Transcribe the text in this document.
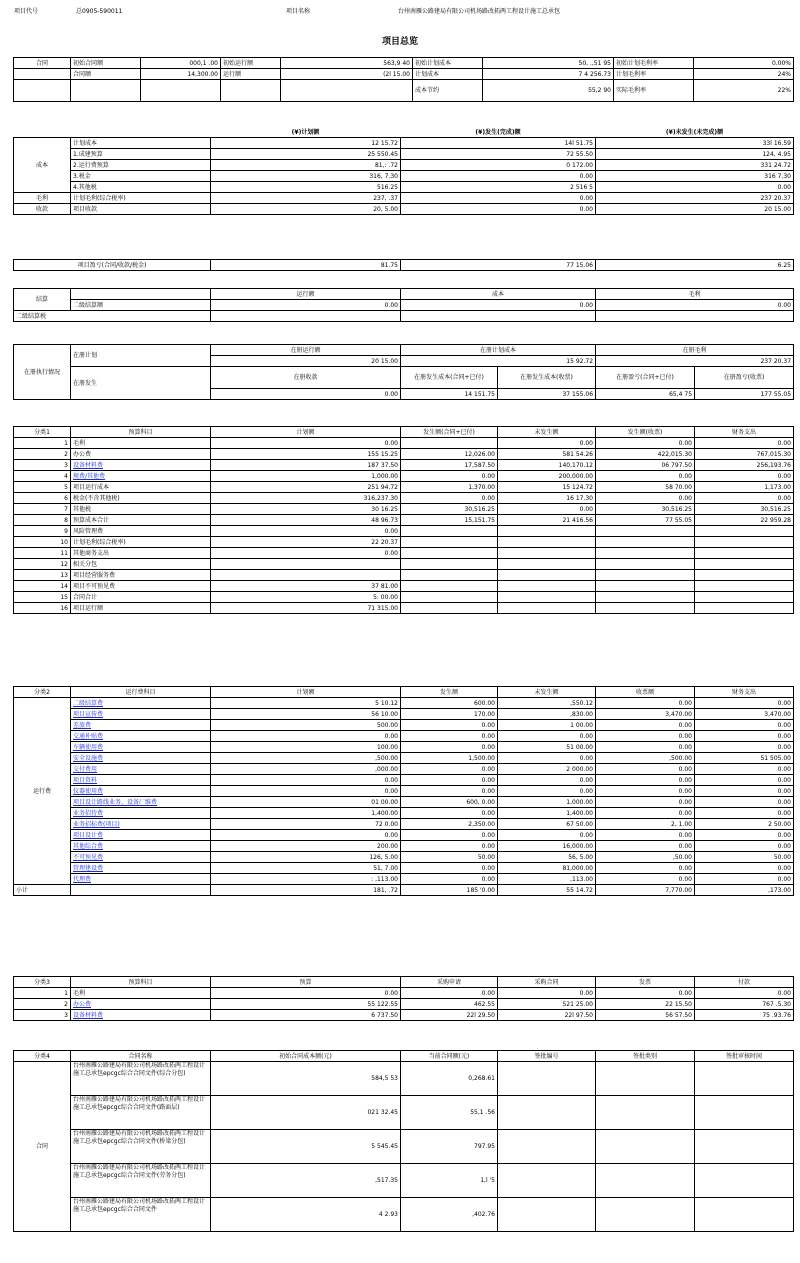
项目代号	总0905-590011	项目名称	台州南雁公路建局有限公司机场路改拓两工程设计施工总承包
项目总览
合同	初始合同额	000,1 .00	初始运行额	563,9 40	初始计划成本	50, .,51 95	初始计划毛利率	0.00%
	合同额	14,300.00	运行额	(2l 15.00	计划成本	7 4 256.73	计划毛利率	24%
					成本节约	55,2 90	实际毛利率	22%
		(¥)计划额	(¥)发生(完成)额	(¥)未发生(未完成)额
成本	计划成本	12 15.72	14l 51.75	33l 16.59
	1.成建预算	25 550.45	72 55.50	124, 4.95
	2.运行费预算	81,: .72	0 172.00	331 24.72
	3.税金	316, 7.30	0.00	316 7.30
	4.其他税	516.25	2 516 5	0.00
毛利	计划毛利(综合税率)	237, .37	0.00	237 20.37
收款	项目收款	20, 5.00	0.00	20 15.00
项目盈亏(合同/收款/税金)	81.75	77 15.06	6.25
结算		运行额	成本	毛利
	二级结算额	0.00	0.00	0.00
二级结算税				
在册执行情况	在册计划	在册运行额	在册计划成本		在册毛利	
		20 15.00	15 92.72		237 20.37	
	在册发生	在册收款	在册发生成本(合同+已付)	在册发生成本(收票)	在册盈亏(合同+已付)	在册盈亏(收票)
		0.00	14 151.75	37 155.06	65,4 75	177 55.05
分类1	预算科目	计划额	发生额(合同+已付)	未发生额	发生额(收票)	财务支出
1	毛利	0.00		0.00	0.00	0.00
2	办公费	155 15.25	12,026.00	581 54.26	422,015.30	767,015.30
3	设备材料费	187 37.50	17,587.50	140,170.12	06 797.50	256,193.76
4	规费/其他费	1,000.00	0.00	200,000.00	0.00	0.00
5	项目运行成本	251 94.72	1,370.00	15 124.72	58 70.00	1,173.00
6	税金(不含其他税)	316,237.30	0.00	16 17.30	0.00	0.00
7	其他税	30 16.25	30,516.25	0.00	30,516.25	30,516.25
8	预算成本合计	48 96.73	15,151.75	21 416.56	77 55.05	22 959.28
9	风险管理费	0.00				
10	计划毛利(综合税率)	22 20.37				
11	其他商务支出	0.00				
12	相关分包					
13	项目经营服务费					
14	项目不可预见费	37 81.00				
15	合同合计	5: 00.00				
16	项目运行额	71 315.00				
分类2	运行费科目	计划额	发生额	未发生额	收票额	财务支出
运行费	二级结算费	5 10.12	600.00	,550.12	0.00	0.00
	项目宣传费	56 10.00	170.00	,830.00	3,470.00	3,470.00
	差旅费	500.00	0.00	1 00.00	0.00	0.00
	交通补贴费	0.00	0.00	0.00	0.00	0.00
	车辆使用费	100.00	0.00	51 00.00	0.00	0.00
	安全设施费	,500.00	1,500.00	0.00	,500.00	51 505.00
	交付费用	,000.00	0.00	2 000.00	0.00	0.00
	项目资料	0.00	0.00	0.00	0.00	0.00
	仪器使用费	0.00	0.00	0.00	0.00	0.00
	项目设计路线业务、设备厂维费	01 00.00	600, 0.00	1,000.00	0.00	0.00
	业务招待费	1,400.00	0.00	1,400.00	0.00	0.00
	业务招标费(项目)	72 0.00	2,350.00	67 50.00	2, 1.00	2 50.00
	项目设计费	0.00	0.00	0.00	0.00	0.00
	其他综合费	200.00	0.00	16,000.00	0.00	0.00
	不可预见费	126, 5.00	50.00	56, 5.00	,50.00	50.00
	管理建设费	51, 7.00	0.00	81,000.00	0.00	0.00
	代理费	: ,113.00	0.00	,113.00	0.00	0.00
小计		181, .72	185 '0.00	55 14.72	7,770.00	,173.00
分类3	预算科目	预算	采购申请	采购合同	发票	付款
1	毛利	0.00	0.00	0.00	0.00	0.00
2	办公费	55 122.55	462.55	521 25.00	22 15.50	767 .5.30
3	设备材料费	6 737.50	22l 29.50	22l 97.50	56 57.50	75 .93.76
分类4	合同名称	初始合同成本额(元)	当前合同额(元)	签批编号	签批类别	签批审核时间
合同	台州南雁公路建局有限公司机场路改拓两工程设计施工总承包epcgc综合合同文件(综合分包)	584,5 53	0,268.61			
	台州南雁公路建局有限公司机场路改拓两工程设计施工总承包epcgc综合合同文件(路面层)	021 32.45	55,1 .56			
	台州南雁公路建局有限公司机场路改拓两工程设计施工总承包epcgc综合合同文件(桥梁分包)	5 545.45	797.95			
	台州南雁公路建局有限公司机场路改拓两工程设计施工总承包epcgc综合合同文件(劳务分包)	,517.35	1,l '5			
	台州南雁公路建局有限公司机场路改拓两工程设计施工总承包epcgc综合合同文件	4 2.93	,402.76			
